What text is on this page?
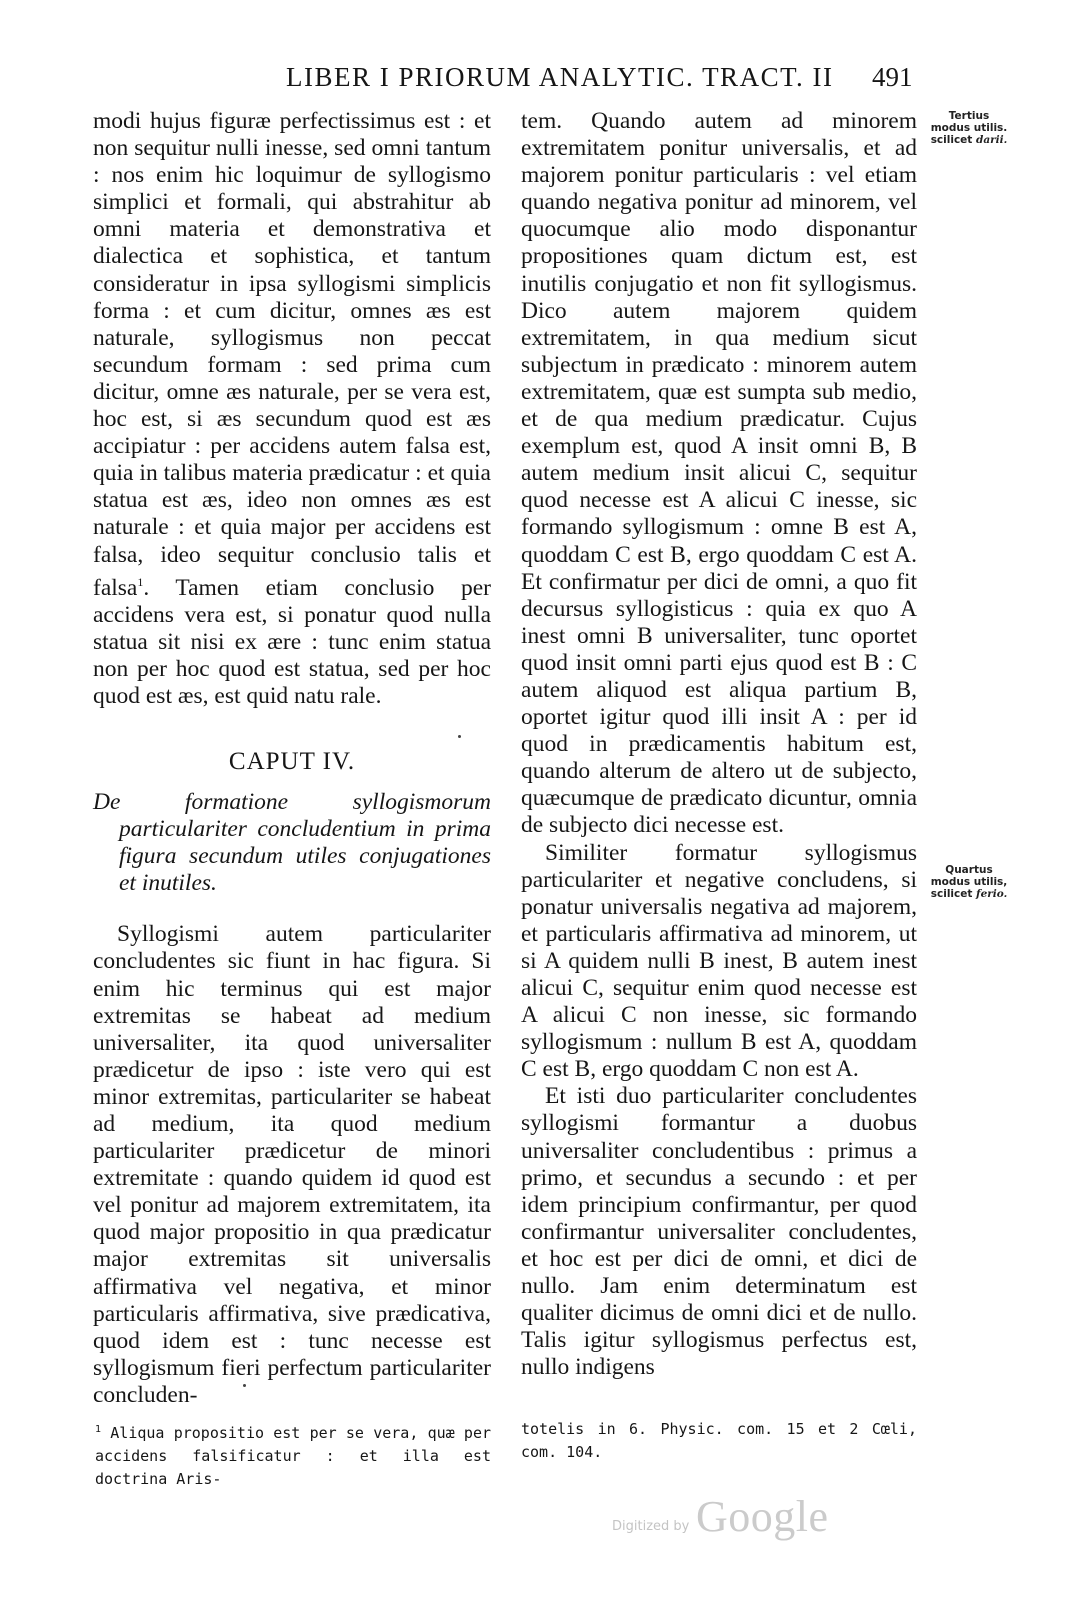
LIBER I PRIORUM ANALYTIC. TRACT. II 491

modi hujus figuræ perfectissimus est : et non sequitur nulli inesse, sed omni tantum : nos enim hic loquimur de syllogismo simplici et formali, qui abstrahitur ab omni materia et demonstrativa et dialectica et sophistica, et tantum consideratur in ipsa syllogismi simplicis forma : et cum dicitur, omnes æs est naturale, syllogismus non peccat secundum formam : sed prima cum dicitur, omne æs naturale, per se vera est, hoc est, si æs secundum quod est æs accipiatur : per accidens autem falsa est, quia in talibus materia prædicatur : et quia statua est æs, ideo non omnes æs est naturale : et quia major per accidens est falsa, ideo sequitur conclusio talis et falsa$^1$. Tamen etiam conclusio per accidens vera est, si ponatur quod nulla statua sit nisi ex ære : tunc enim statua non per hoc quod est statua, sed per hoc quod est æs, est quid natu rale.

CAPUT IV.

De formatione syllogismorum particulariter concludentium in prima figura secundum utiles conjugationes et inutiles.

Syllogismi autem particulariter concludentes sic fiunt in hac figura. Si enim hic terminus qui est major extremitas se habeat ad medium universaliter, ita quod universaliter prædicetur de ipso : iste vero qui est minor extremitas, particulariter se habeat ad medium, ita quod medium particulariter prædicetur de minori extremitate : quando quidem id quod est vel ponitur ad majorem extremitatem, ita quod major propositio in qua prædicatur major extremitas sit universalis affirmativa vel negativa, et minor particularis affirmativa, sive prædicativa, quod idem est : tunc necesse est syllogismum fieri perfectum particulariter concluden-

tem. Quando autem ad minorem extremitatem ponitur universalis, et ad majorem ponitur particularis : vel etiam quando negativa ponitur ad minorem, vel quocumque alio modo disponantur propositiones quam dictum est, est inutilis conjugatio et non fit syllogismus. Dico autem majorem quidem extremitatem, in qua medium sicut subjectum in prædicato : minorem autem extremitatem, quæ est sumpta sub medio, et de qua medium prædicatur. Cujus exemplum est, quod A insit omni B, B autem medium insit alicui C, sequitur quod necesse est A alicui C inesse, sic formando syllogismum : omne B est A, quoddam C est B, ergo quoddam C est A. Et confirmatur per dici de omni, a quo fit decursus syllogisticus : quia ex quo A inest omni B universaliter, tunc oportet quod insit omni parti ejus quod est B : C autem aliquod est aliqua partium B, oportet igitur quod illi insit A : per id quod in prædicamentis habitum est, quando alterum de altero ut de subjecto, quæcumque de prædicato dicuntur, omnia de subjecto dici necesse est.

Similiter formatur syllogismus particulariter et negative concludens, si ponatur universalis negativa ad majorem, et particularis affirmativa ad minorem, ut si A quidem nulli B inest, B autem inest alicui C, sequitur enim quod necesse est A alicui C non inesse, sic formando syllogismum : nullum B est A, quoddam C est B, ergo quoddam C non est A.

Et isti duo particulariter concludentes syllogismi formantur a duobus universaliter concludentibus : primus a primo, et secundus a secundo : et per idem principium confirmantur, per quod confirmantur universaliter concludentes, et hoc est per dici de omni, et dici de nullo. Jam enim determinatum est qualiter dicimus de omni dici et de nullo. Talis igitur syllogismus perfectus est, nullo indigens

Tertius modus utilis. scilicet darii.
Quartus modus utilis, scilicet ferio.
$^1$ Aliqua propositio est per se vera, quæ per accidens falsificatur : et illa est doctrina Aris-
totelis in 6. Physic. com. 15 et 2 Cœli, com. 104.
Digitized by Google
